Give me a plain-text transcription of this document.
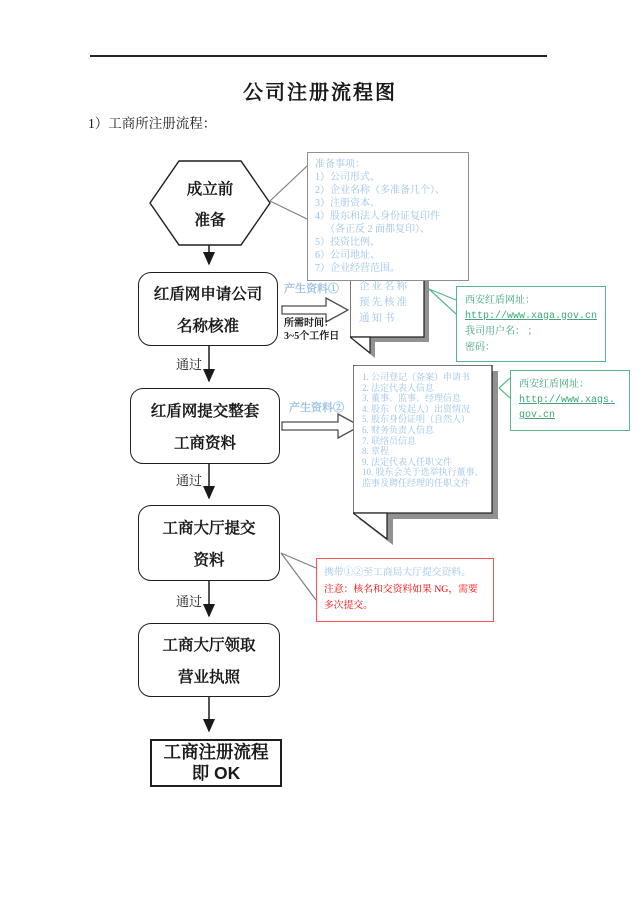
公司注册流程图
1）工商所注册流程：
成立前
准备
准备事项：
1）公司形式、
2）企业名称（多准备几个）、
3）注册资本、
4）股东和法人身份证复印件
（各正反 2 面都复印）、
5）投资比例、
6）公司地址、
7）企业经营范围。
红盾网申请公司
名称核准
产生资料①
所需时间：
3~5个工作日
企业名称
预先核准
通知书
西安红盾网址：
http://www.xaga.gov.cn
我司用户名： ；
密码：
通过
红盾网提交整套
工商资料
产生资料②
1. 公司登记（备案）申请书
2. 法定代表人信息
3. 董事、监事、经理信息
4. 股东（发起人）出资情况
5. 股东身份证明（自然人）
6. 财务负责人信息
7. 联络员信息
8. 章程
9. 法定代表人任职文件
10. 股东会关于选举执行董事、监事及聘任经理的任职文件
西安红盾网址：
http://www.xags.gov.cn
通过
工商大厅提交
资料
携带①②至工商局大厅提交资料。
注意：核名和交资料如果 NG，需要多次提交。
通过
工商大厅领取
营业执照
工商注册流程
即 OK
